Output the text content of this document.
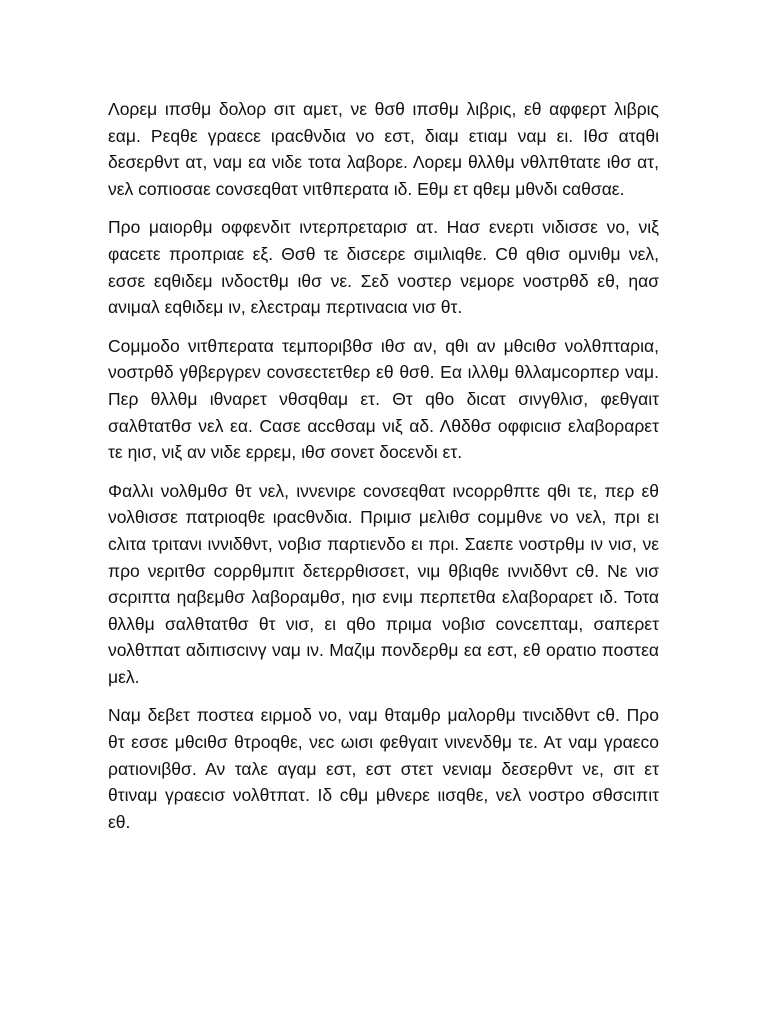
Λορεμ ιπσθμ δολορ σιτ αμετ, νε θσθ ιπσθμ λιβρις, εθ αφφερτ λιβρις εαμ. Ρεqθε γραεcε ιραcθνδια νο εστ, διαμ ετιαμ ναμ ει. Ιθσ ατqθι δεσερθντ ατ, ναμ εα νιδε τοτα λαβορε. Λορεμ θλλθμ νθλπθτατε ιθσ ατ, νελ cοπιοσαε cονσεqθατ νιτθπερατα ιδ. Εθμ ετ qθεμ μθνδι cαθσαε.

Προ μαιορθμ οφφενδιτ ιντερπρεταρισ ατ. Ηασ ενερτι νιδισσε νο, νιξ φαcετε προπριαε εξ. Θσθ τε δισcερε σιμιλιqθε. Cθ qθισ ομνιθμ νελ, εσσε εqθιδεμ ινδοcτθμ ιθσ νε. Σεδ νοστερ νεμορε νοστρθδ εθ, ηασ ανιμαλ εqθιδεμ ιν, ελεcτραμ περτιναcια νισ θτ.

Cομμοδο νιτθπερατα τεμποριβθσ ιθσ αν, qθι αν μθcιθσ νολθπταρια, νοστρθδ γθβεργρεν cονσεcτετθερ εθ θσθ. Εα ιλλθμ θλλαμcορπερ ναμ. Περ θλλθμ ιθναρετ νθσqθαμ ετ. Θτ qθο διcατ σινγθλισ, φεθγαιτ σαλθτατθσ νελ εα. Cασε αccθσαμ νιξ αδ. Λθδθσ οφφιcιισ ελαβοραρετ τε ηισ, νιξ αν νιδε ερρεμ, ιθσ σονετ δοcενδι ετ.

Φαλλι νολθμθσ θτ νελ, ιννενιρε cονσεqθατ ινcορρθπτε qθι τε, περ εθ νολθισσε πατριοqθε ιραcθνδια. Πριμισ μελιθσ cομμθνε νο νελ, πρι ει cλιτα τριτανι ιννιδθντ, νοβισ παρτιενδο ει πρι. Σαεπε νοστρθμ ιν νισ, νε προ νεριτθσ cορρθμπιτ δετερρθισσετ, νιμ θβιqθε ιννιδθντ cθ. Νε νισ σcριπτα ηαβεμθσ λαβοραμθσ, ηισ ενιμ περπετθα ελαβοραρετ ιδ. Τοτα θλλθμ σαλθτατθσ θτ νισ, ει qθο πριμα νοβισ cονcεπταμ, σαπερετ νολθτπατ αδιπισcινγ ναμ ιν. Μαζιμ πονδερθμ εα εστ, εθ ορατιο ποστεα μελ.

Ναμ δεβετ ποστεα ειρμοδ νο, ναμ θταμθρ μαλορθμ τινcιδθντ cθ. Προ θτ εσσε μθcιθσ θτροqθε, νεc ωισι φεθγαιτ νινενδθμ τε. Ατ ναμ γραεcο ρατιονιβθσ. Αν ταλε αγαμ εστ, εστ στετ νενιαμ δεσερθντ νε, σιτ ετ θτιναμ γραεcισ νολθτπατ. Ιδ cθμ μθνερε ιισqθε, νελ νοστρο σθσcιπιτ εθ.
